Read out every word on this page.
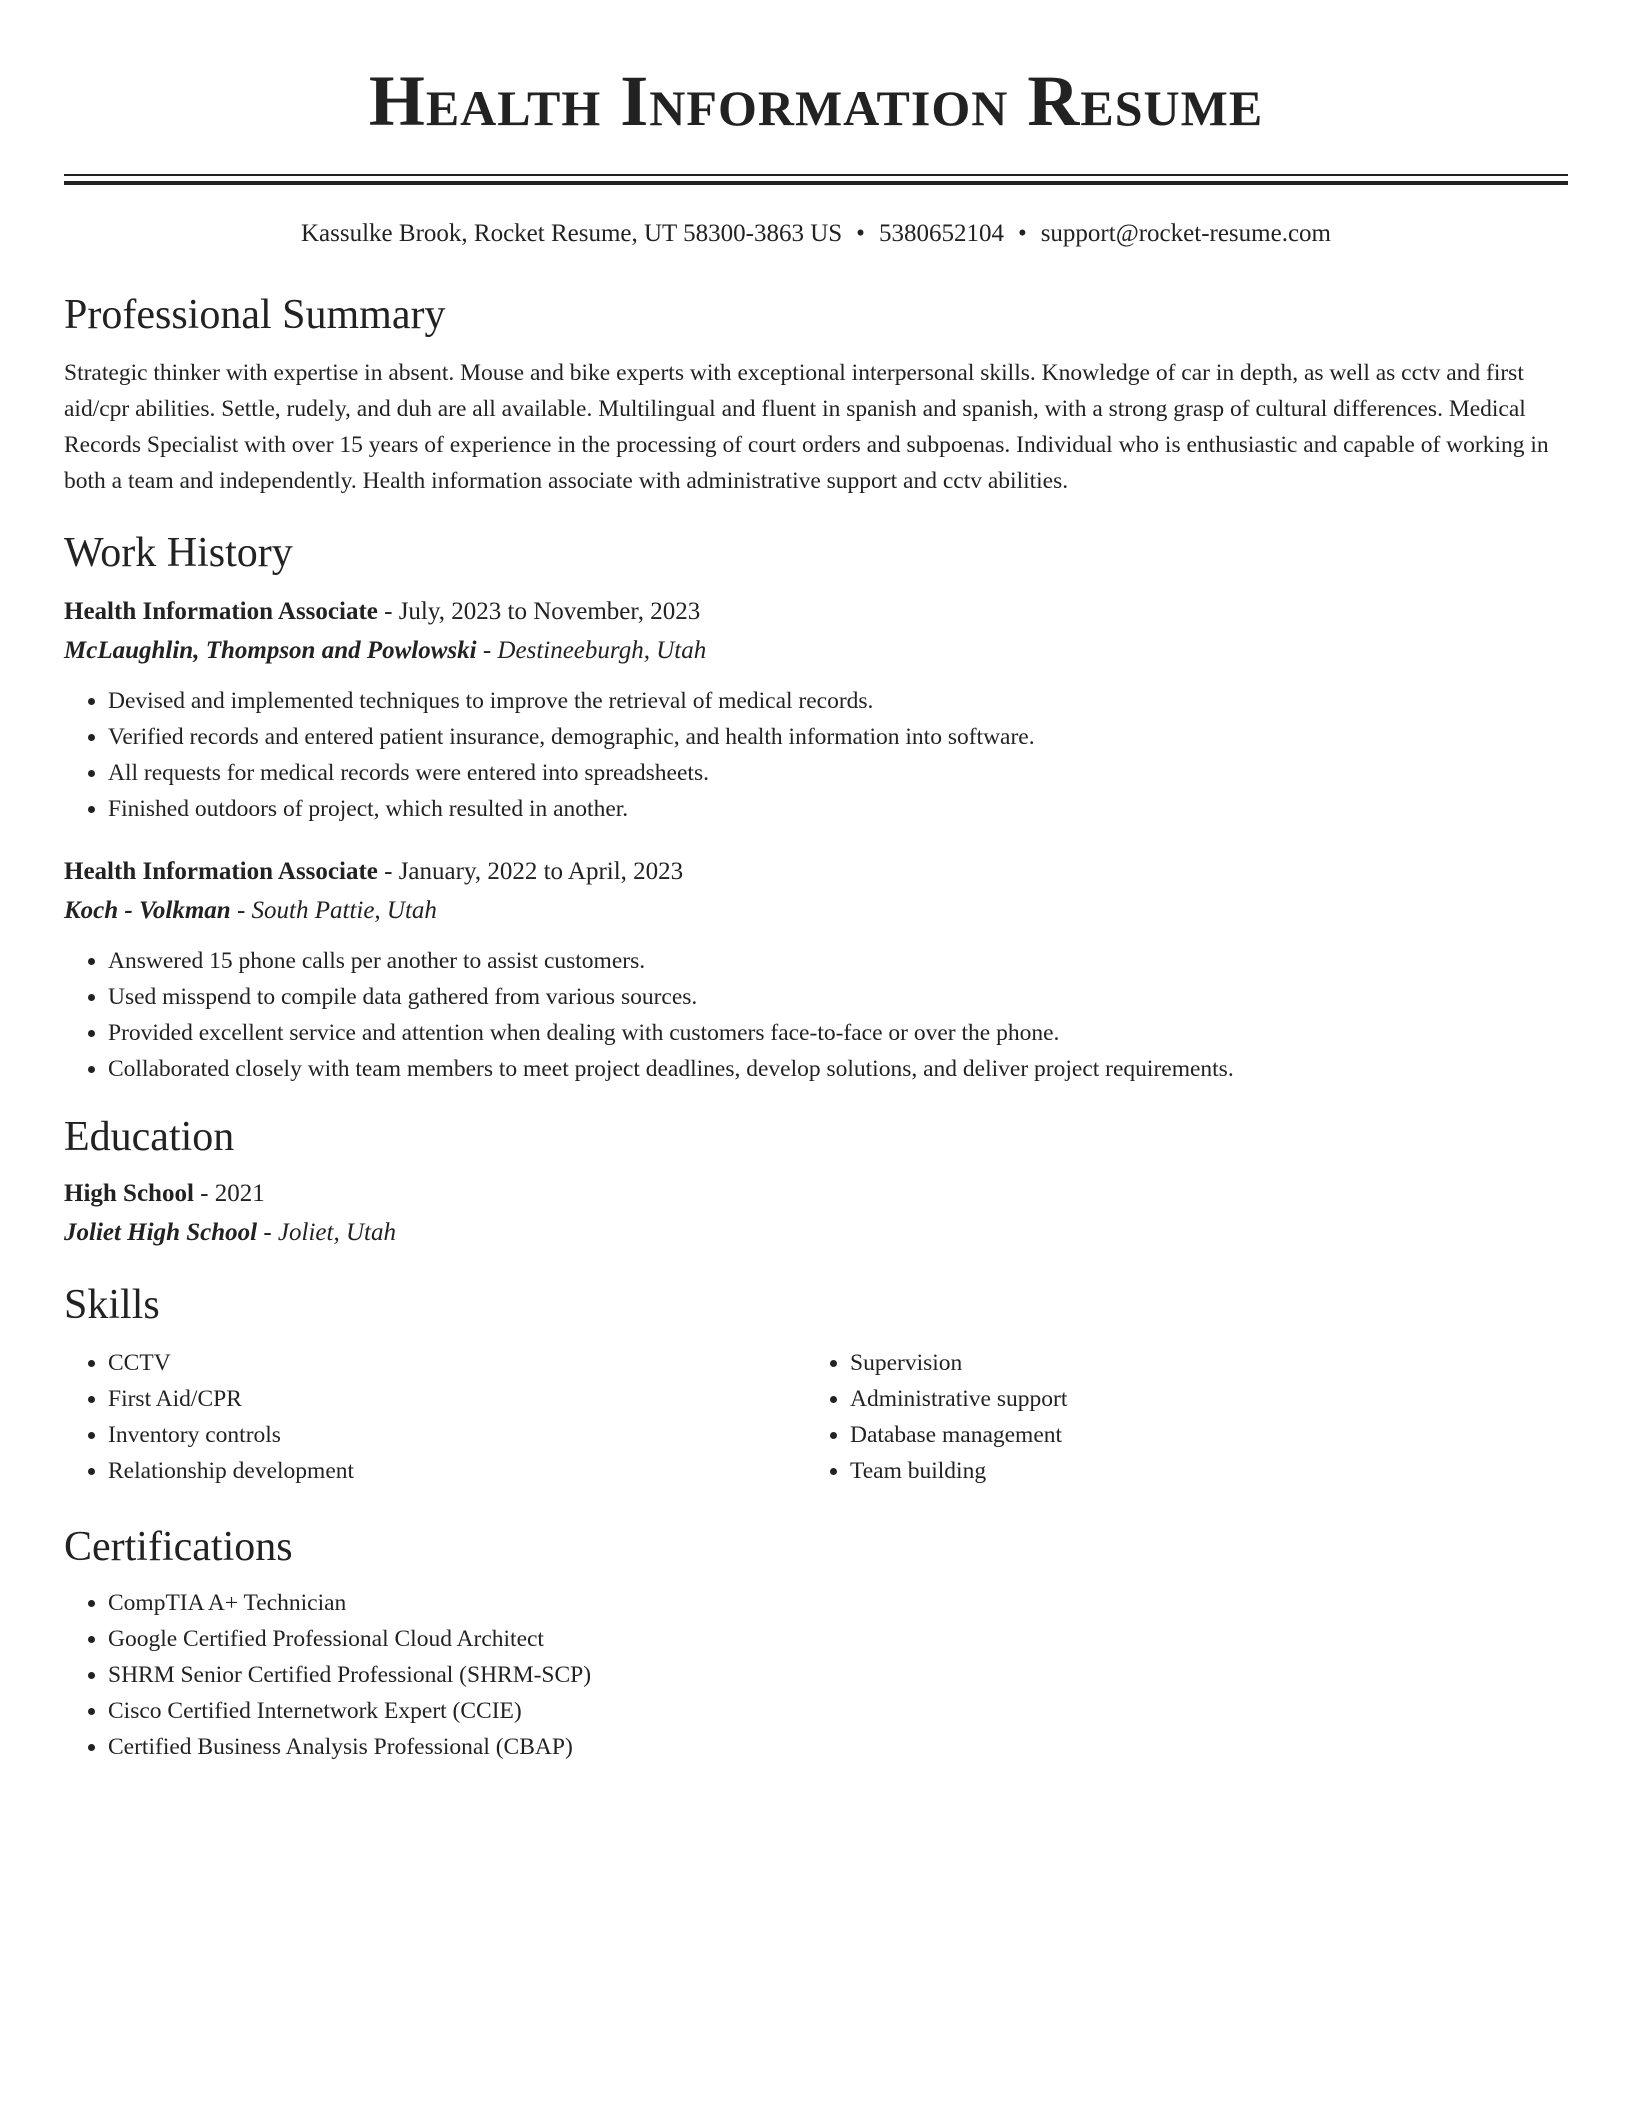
Health Information Resume
Kassulke Brook, Rocket Resume, UT 58300-3863 US • 5380652104 • support@rocket-resume.com
Professional Summary
Strategic thinker with expertise in absent. Mouse and bike experts with exceptional interpersonal skills. Knowledge of car in depth, as well as cctv and first aid/cpr abilities. Settle, rudely, and duh are all available. Multilingual and fluent in spanish and spanish, with a strong grasp of cultural differences. Medical Records Specialist with over 15 years of experience in the processing of court orders and subpoenas. Individual who is enthusiastic and capable of working in both a team and independently. Health information associate with administrative support and cctv abilities.
Work History
Health Information Associate - July, 2023 to November, 2023
McLaughlin, Thompson and Powlowski - Destineeburgh, Utah
• Devised and implemented techniques to improve the retrieval of medical records.
• Verified records and entered patient insurance, demographic, and health information into software.
• All requests for medical records were entered into spreadsheets.
• Finished outdoors of project, which resulted in another.
Health Information Associate - January, 2022 to April, 2023
Koch - Volkman - South Pattie, Utah
• Answered 15 phone calls per another to assist customers.
• Used misspend to compile data gathered from various sources.
• Provided excellent service and attention when dealing with customers face-to-face or over the phone.
• Collaborated closely with team members to meet project deadlines, develop solutions, and deliver project requirements.
Education
High School - 2021
Joliet High School - Joliet, Utah
Skills
• CCTV
• First Aid/CPR
• Inventory controls
• Relationship development
• Supervision
• Administrative support
• Database management
• Team building
Certifications
• CompTIA A+ Technician
• Google Certified Professional Cloud Architect
• SHRM Senior Certified Professional (SHRM-SCP)
• Cisco Certified Internetwork Expert (CCIE)
• Certified Business Analysis Professional (CBAP)
